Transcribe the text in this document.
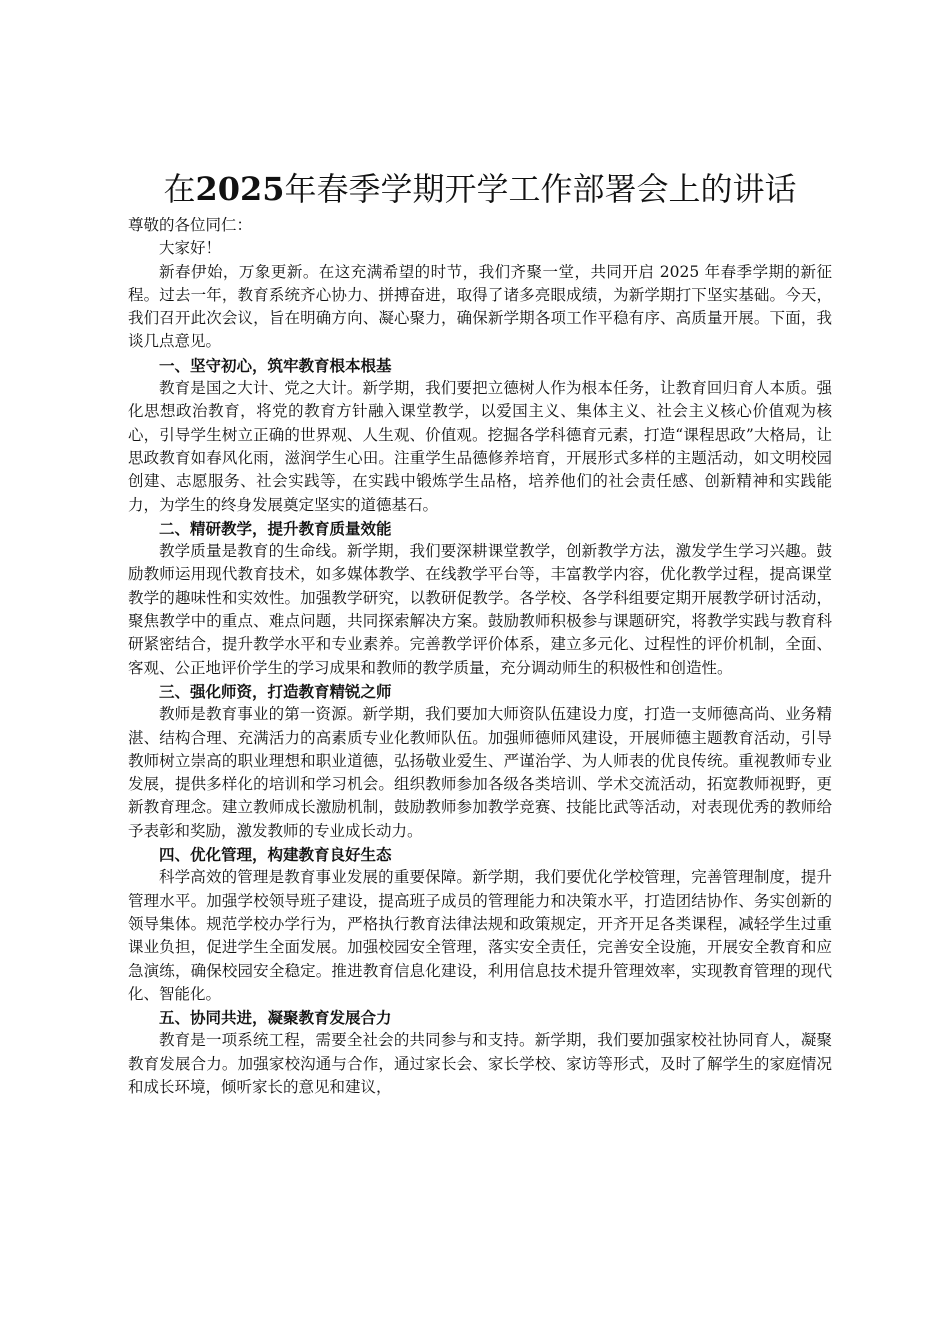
在2025年春季学期开学工作部署会上的讲话

尊敬的各位同仁：

大家好！

新春伊始，万象更新。在这充满希望的时节，我们齐聚一堂，共同开启 2025 年春季学期的新征程。过去一年，教育系统齐心协力、拼搏奋进，取得了诸多亮眼成绩，为新学期打下坚实基础。今天，我们召开此次会议，旨在明确方向、凝心聚力，确保新学期各项工作平稳有序、高质量开展。下面，我谈几点意见。

一、坚守初心，筑牢教育根本根基

教育是国之大计、党之大计。新学期，我们要把立德树人作为根本任务，让教育回归育人本质。强化思想政治教育，将党的教育方针融入课堂教学，以爱国主义、集体主义、社会主义核心价值观为核心，引导学生树立正确的世界观、人生观、价值观。挖掘各学科德育元素，打造“课程思政”大格局，让思政教育如春风化雨，滋润学生心田。注重学生品德修养培育，开展形式多样的主题活动，如文明校园创建、志愿服务、社会实践等，在实践中锻炼学生品格，培养他们的社会责任感、创新精神和实践能力，为学生的终身发展奠定坚实的道德基石。

二、精研教学，提升教育质量效能

教学质量是教育的生命线。新学期，我们要深耕课堂教学，创新教学方法，激发学生学习兴趣。鼓励教师运用现代教育技术，如多媒体教学、在线教学平台等，丰富教学内容，优化教学过程，提高课堂教学的趣味性和实效性。加强教学研究，以教研促教学。各学校、各学科组要定期开展教学研讨活动，聚焦教学中的重点、难点问题，共同探索解决方案。鼓励教师积极参与课题研究，将教学实践与教育科研紧密结合，提升教学水平和专业素养。完善教学评价体系，建立多元化、过程性的评价机制，全面、客观、公正地评价学生的学习成果和教师的教学质量，充分调动师生的积极性和创造性。

三、强化师资，打造教育精锐之师

教师是教育事业的第一资源。新学期，我们要加大师资队伍建设力度，打造一支师德高尚、业务精湛、结构合理、充满活力的高素质专业化教师队伍。加强师德师风建设，开展师德主题教育活动，引导教师树立崇高的职业理想和职业道德，弘扬敬业爱生、严谨治学、为人师表的优良传统。重视教师专业发展，提供多样化的培训和学习机会。组织教师参加各级各类培训、学术交流活动，拓宽教师视野，更新教育理念。建立教师成长激励机制，鼓励教师参加教学竞赛、技能比武等活动，对表现优秀的教师给予表彰和奖励，激发教师的专业成长动力。

四、优化管理，构建教育良好生态

科学高效的管理是教育事业发展的重要保障。新学期，我们要优化学校管理，完善管理制度，提升管理水平。加强学校领导班子建设，提高班子成员的管理能力和决策水平，打造团结协作、务实创新的领导集体。规范学校办学行为，严格执行教育法律法规和政策规定，开齐开足各类课程，减轻学生过重课业负担，促进学生全面发展。加强校园安全管理，落实安全责任，完善安全设施，开展安全教育和应急演练，确保校园安全稳定。推进教育信息化建设，利用信息技术提升管理效率，实现教育管理的现代化、智能化。

五、协同共进，凝聚教育发展合力

教育是一项系统工程，需要全社会的共同参与和支持。新学期，我们要加强家校社协同育人，凝聚教育发展合力。加强家校沟通与合作，通过家长会、家长学校、家访等形式，及时了解学生的家庭情况和成长环境，倾听家长的意见和建议，
